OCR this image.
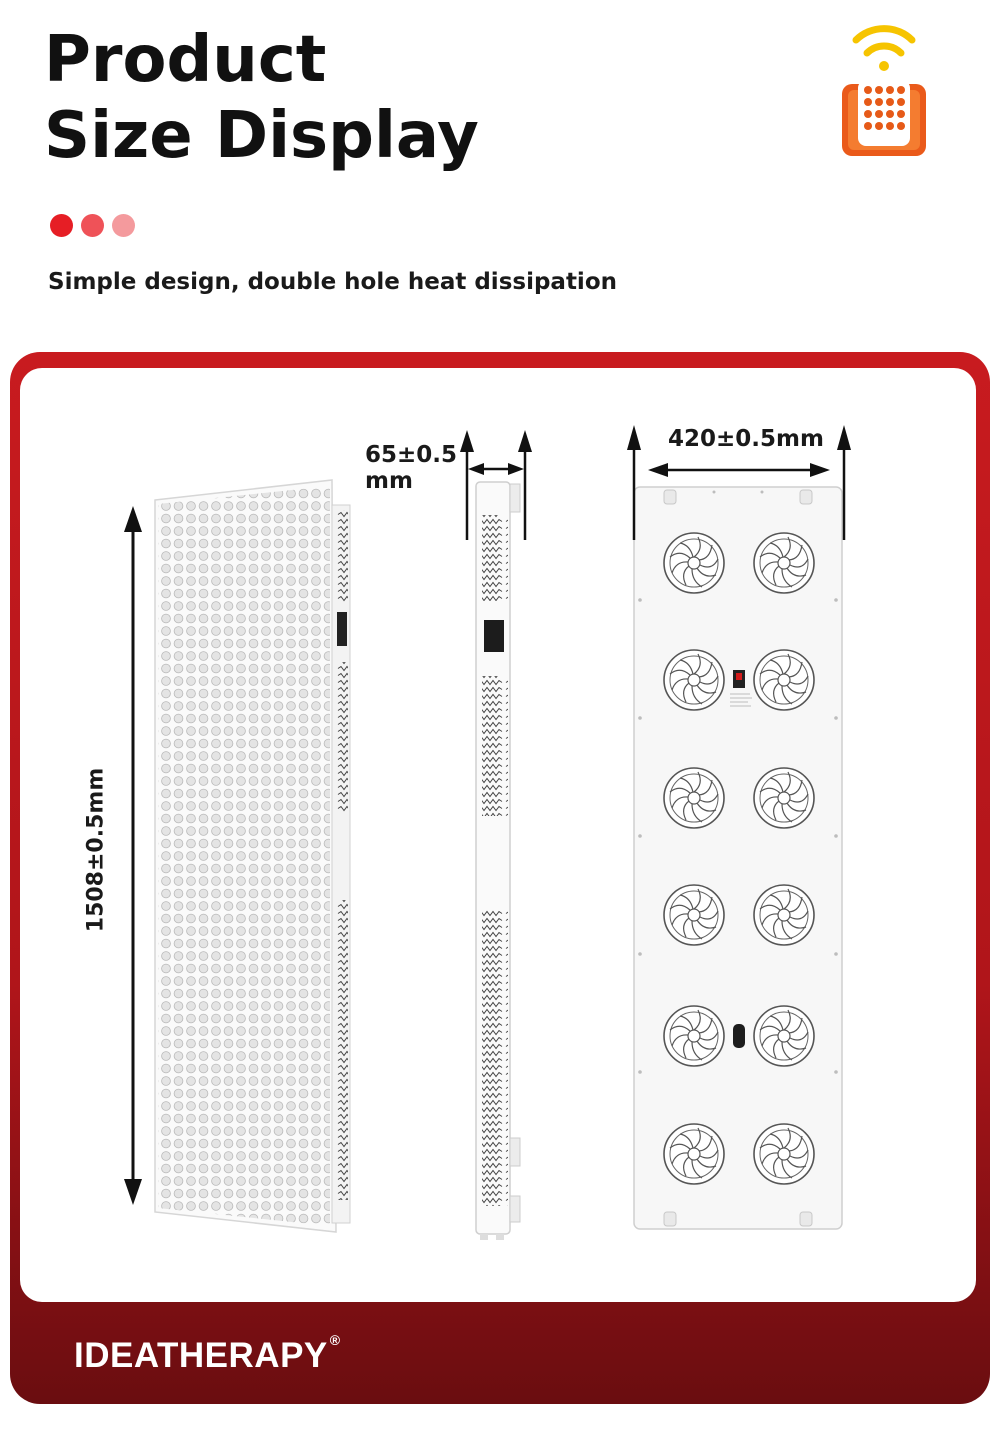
Product
Size Display

Simple design, double hole heat dissipation

1508±0.5mm

65±0.5
mm

420±0.5mm

IDEATHERAPY ®
